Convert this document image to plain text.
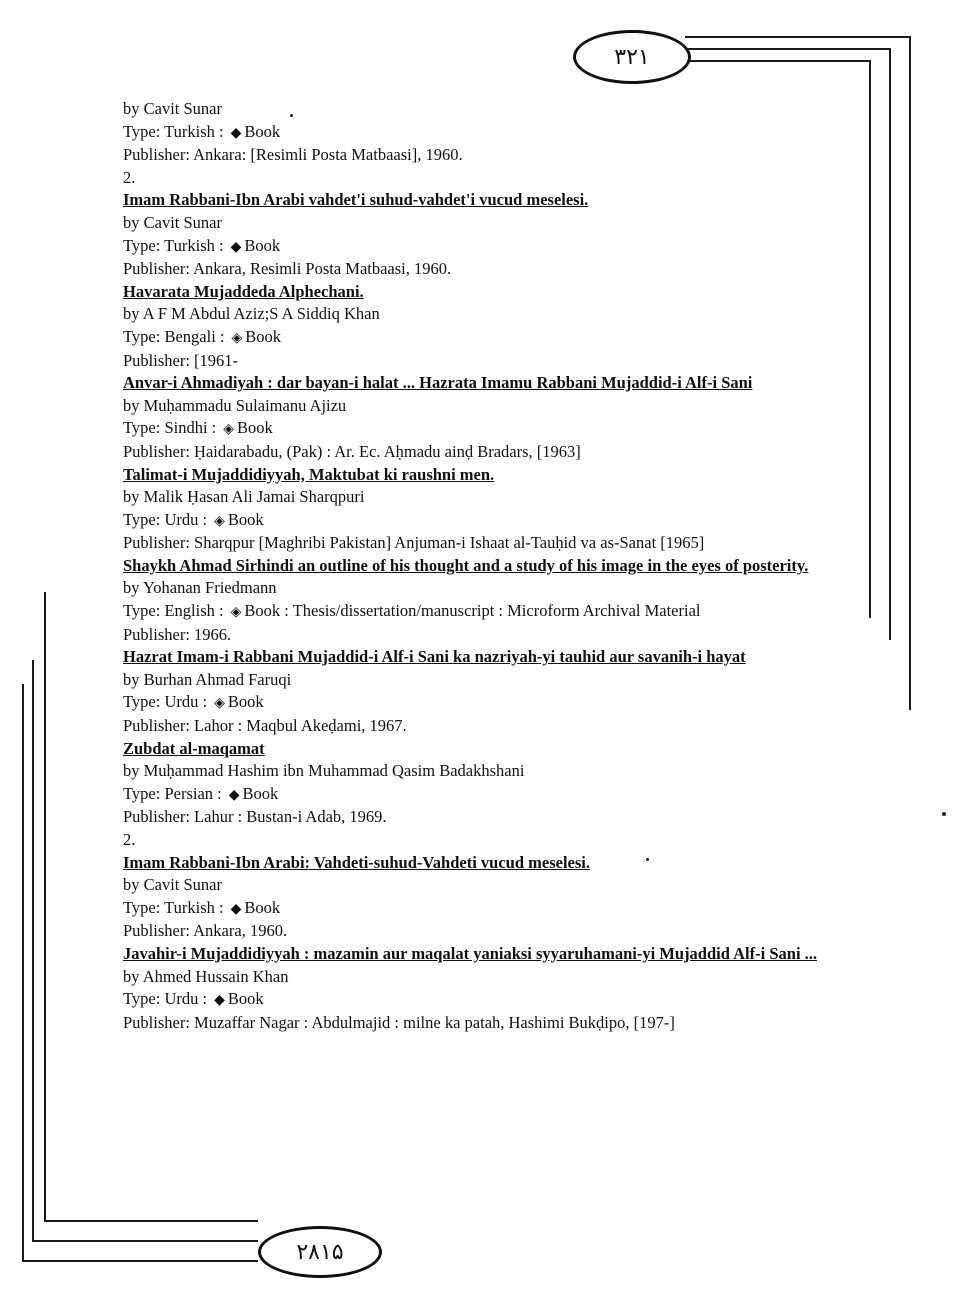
٣٢١
٢٨١۵
by Cavit Sunar
Type: Turkish : ◆ Book
Publisher: Ankara: [Resimli Posta Matbaasi], 1960.
2.
Imam Rabbani-Ibn Arabi vahdet'i suhud-vahdet'i vucud meselesi.
by Cavit Sunar
Type: Turkish : ◆ Book
Publisher: Ankara, Resimli Posta Matbaasi, 1960.
Havarata Mujaddeda Alphechani.
by A F M Abdul Aziz;S A Siddiq Khan
Type: Bengali : ◈ Book
Publisher: [1961-
Anvar-i Ahmadiyah : dar bayan-i halat ... Hazrata Imamu Rabbani Mujaddid-i Alf-i Sani
by Muḥammadu Sulaimanu Ajizu
Type: Sindhi : ◈ Book
Publisher: Ḥaidarabadu, (Pak) : Ar. Ec. Aḥmadu ainḍ Bradars, [1963]
Talimat-i Mujaddidiyyah, Maktubat ki raushni men.
by Malik Ḥasan Ali Jamai Sharqpuri
Type: Urdu : ◈ Book
Publisher: Sharqpur [Maghribi Pakistan] Anjuman-i Ishaat al-Tauḥid va as-Sanat [1965]
Shaykh Ahmad Sirhindi an outline of his thought and a study of his image in the eyes of posterity.
by Yohanan Friedmann
Type: English : ◈ Book : Thesis/dissertation/manuscript : Microform Archival Material
Publisher: 1966.
Hazrat Imam-i Rabbani Mujaddid-i Alf-i Sani ka nazriyah-yi tauhid aur savanih-i hayat
by Burhan Ahmad Faruqi
Type: Urdu : ◈ Book
Publisher: Lahor : Maqbul Akeḍami, 1967.
Zubdat al-maqamat
by Muḥammad Hashim ibn Muhammad Qasim Badakhshani
Type: Persian : ◆ Book
Publisher: Lahur : Bustan-i Adab, 1969.
2.
Imam Rabbani-Ibn Arabi: Vahdeti-suhud-Vahdeti vucud meselesi.
by Cavit Sunar
Type: Turkish : ◆ Book
Publisher: Ankara, 1960.
Javahir-i Mujaddidiyyah : mazamin aur maqalat yaniaksi syyaruhamani-yi Mujaddid Alf-i Sani ...
by Ahmed Hussain Khan
Type: Urdu : ◆ Book
Publisher: Muzaffar Nagar : Abdulmajid : milne ka patah, Hashimi Bukḍipo, [197-]
